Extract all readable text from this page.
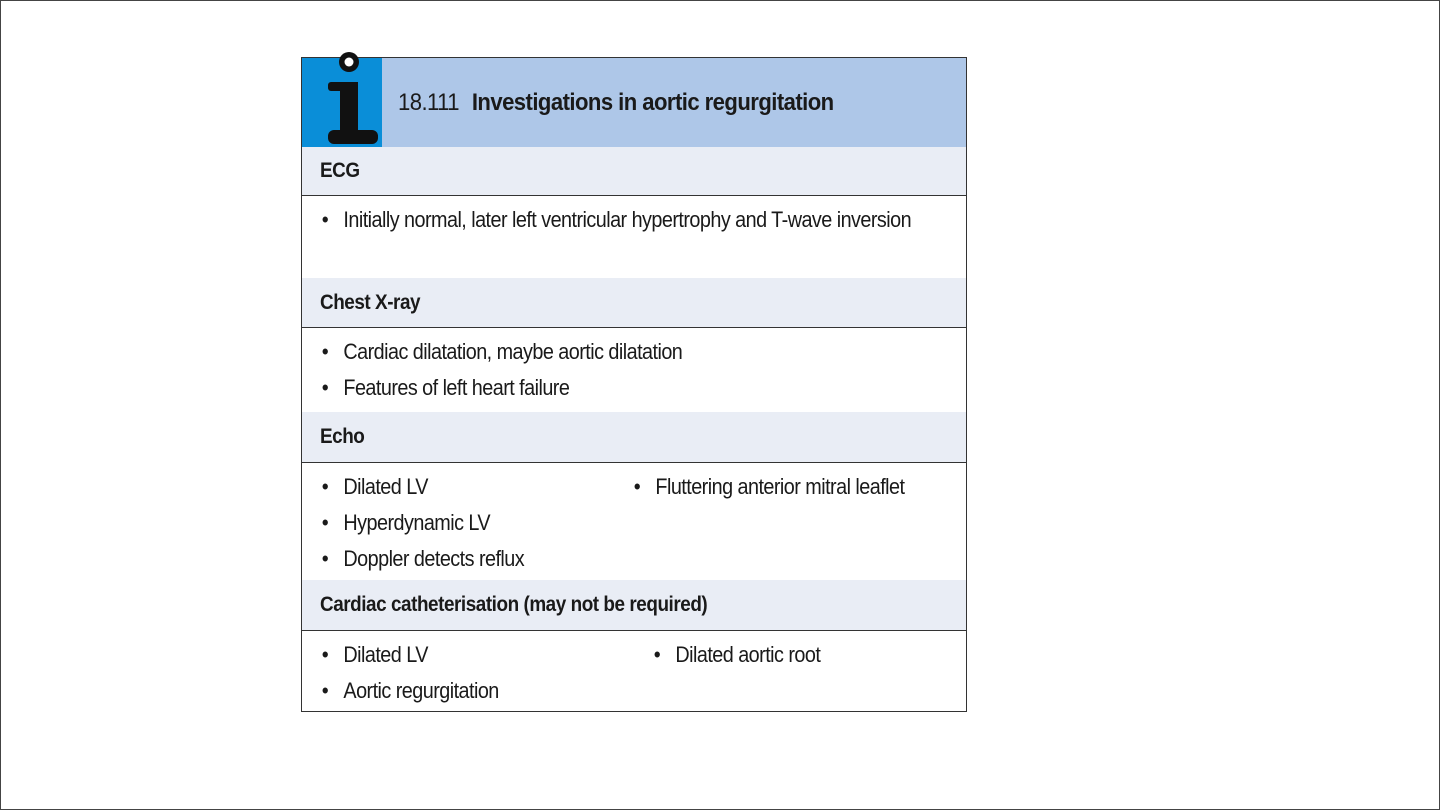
18.111 Investigations in aortic regurgitation
ECG
• Initially normal, later left ventricular hypertrophy and T-wave inversion
Chest X-ray
• Cardiac dilatation, maybe aortic dilatation
• Features of left heart failure
Echo
• Dilated LV
• Hyperdynamic LV
• Doppler detects reflux
• Fluttering anterior mitral leaflet
Cardiac catheterisation (may not be required)
• Dilated LV
• Aortic regurgitation
• Dilated aortic root
